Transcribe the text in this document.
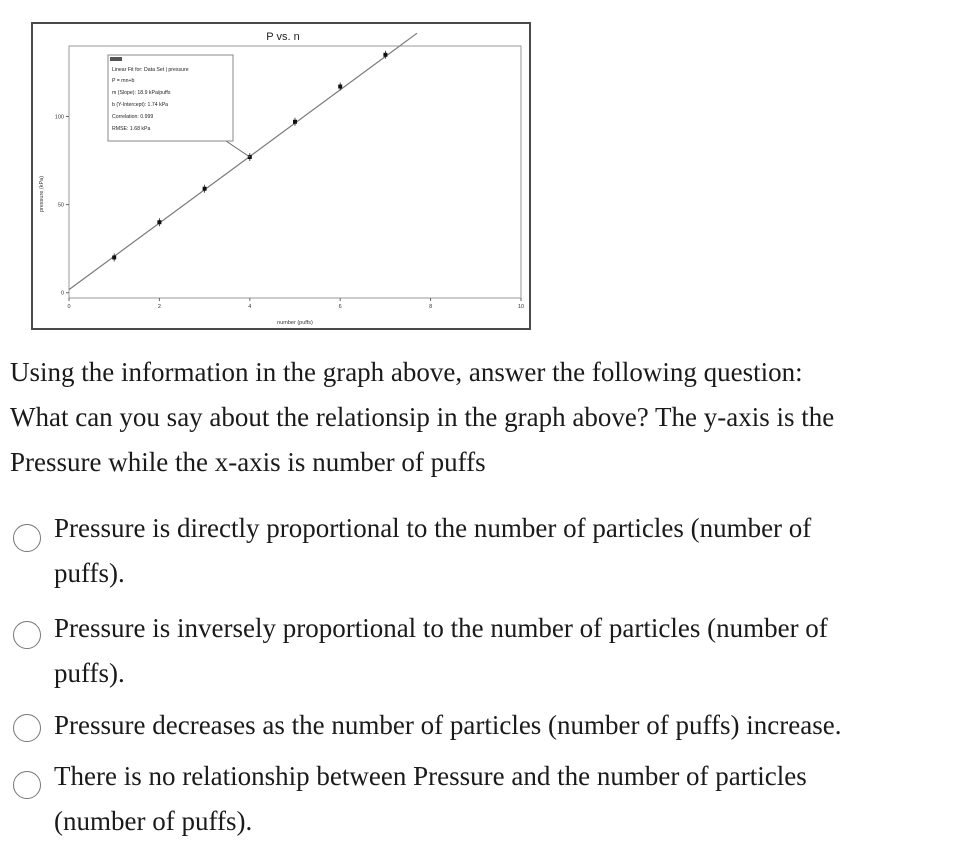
P vs. n
number (puffs)
pressure (kPa)
0	2	4	6	8	10
0
50
100
Linear Fit for: Data Set | pressure
P = mn+b
m (Slope): 18.9 kPa/puffs
b (Y-Intercept): 1.74 kPa
Correlation: 0.999
RMSE: 1.68 kPa

Using the information in the graph above, answer the following question:

What can you say about the relationsip in the graph above? The y-axis is the

Pressure while the x-axis is number of puffs

Pressure is directly proportional to the number of particles (number of
puffs).
Pressure is inversely proportional to the number of particles (number of
puffs).
Pressure decreases as the number of particles (number of puffs) increase.
There is no relationship between Pressure and the number of particles
(number of puffs).
